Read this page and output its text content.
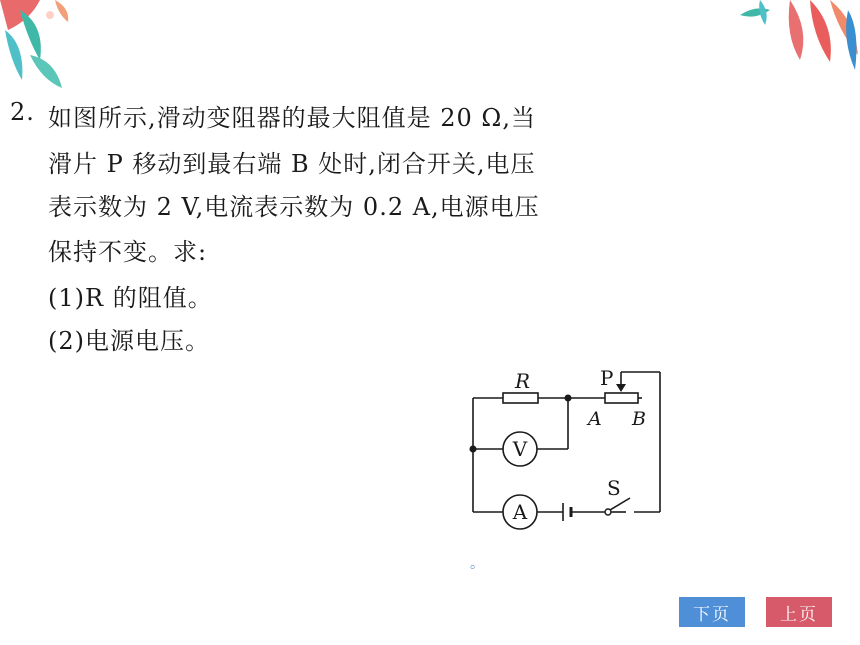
2. 如图所示,滑动变阻器的最大阻值是 20 Ω,当
滑片 P 移动到最右端 B 处时,闭合开关,电压
表示数为 2 V,电流表示数为 0.2 A,电源电压
保持不变。求:
(1)R 的阻值。
(2)电源电压。
R	P
A B
S
V
A
。
下页	上页
